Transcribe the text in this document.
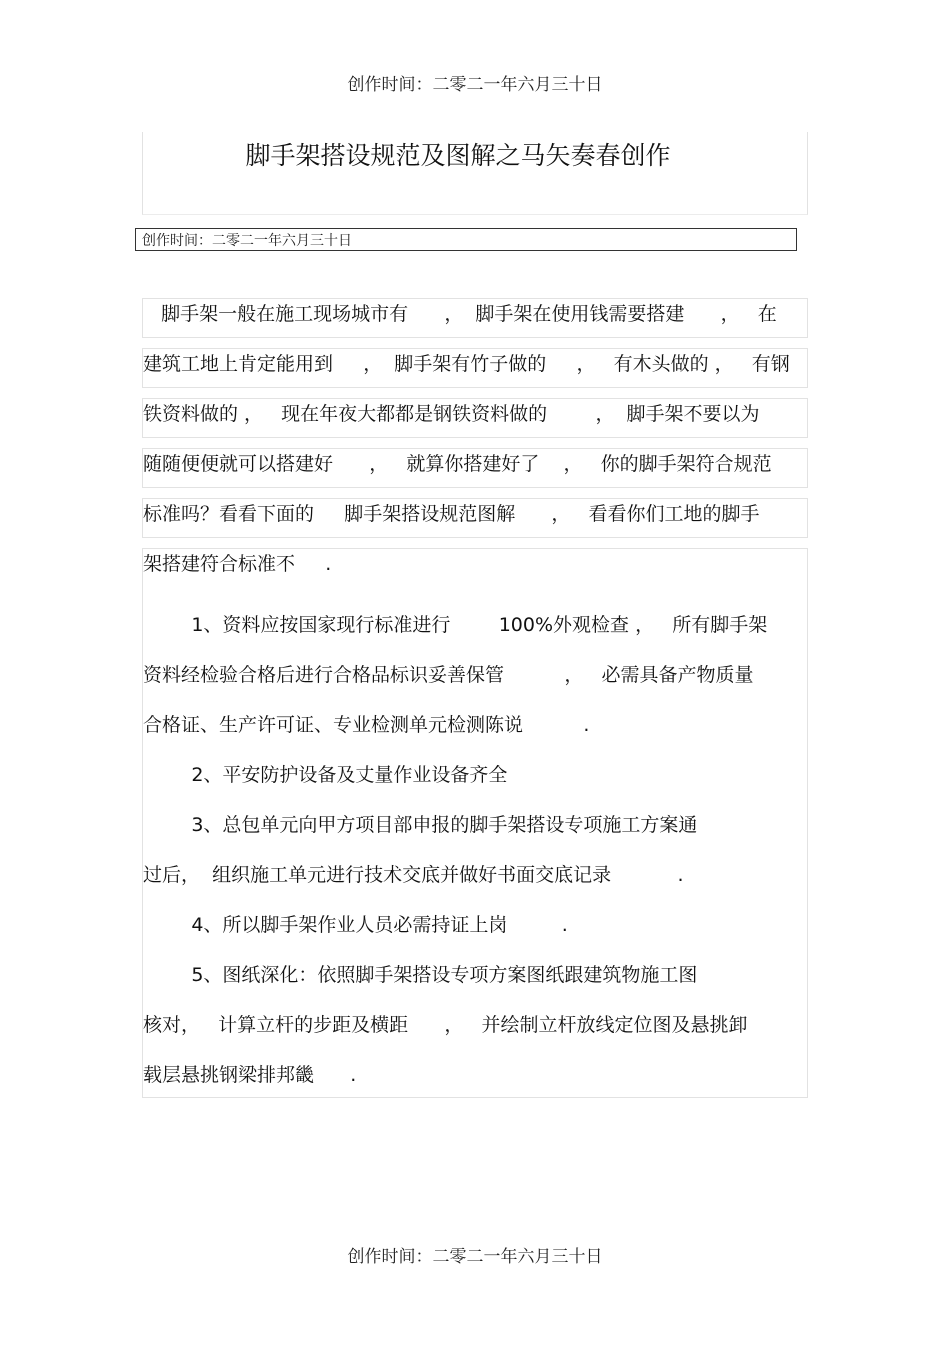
创作时间：二零二一年六月三十日
脚手架搭设规范及图解之马矢奏春创作
创作时间：二零二一年六月三十日
脚手架一般在施工现场城市有      ，  脚手架在使用钱需要搭建      ，   在
建筑工地上肯定能用到     ，  脚手架有竹子做的     ，   有木头做的 ，   有钢
铁资料做的 ，   现在年夜大都都是钢铁资料做的        ，  脚手架不要以为
随随便便就可以搭建好      ，   就算你搭建好了    ，   你的脚手架符合规范
标准吗？看看下面的     脚手架搭设规范图解      ，   看看你们工地的脚手
架搭建符合标准不     .
1、资料应按国家现行标准进行        100%外观检查 ，   所有脚手架
资料经检验合格后进行合格品标识妥善保管          ，   必需具备产物质量
合格证、生产许可证、专业检测单元检测陈说          .
2、平安防护设备及丈量作业设备齐全
3、总包单元向甲方项目部申报的脚手架搭设专项施工方案通
过后，  组织施工单元进行技术交底并做好书面交底记录           .
4、所以脚手架作业人员必需持证上岗         .
5、图纸深化：依照脚手架搭设专项方案图纸跟建筑物施工图
核对，   计算立杆的步距及横距      ，   并绘制立杆放线定位图及悬挑卸
载层悬挑钢梁排邦畿      .
创作时间：二零二一年六月三十日
